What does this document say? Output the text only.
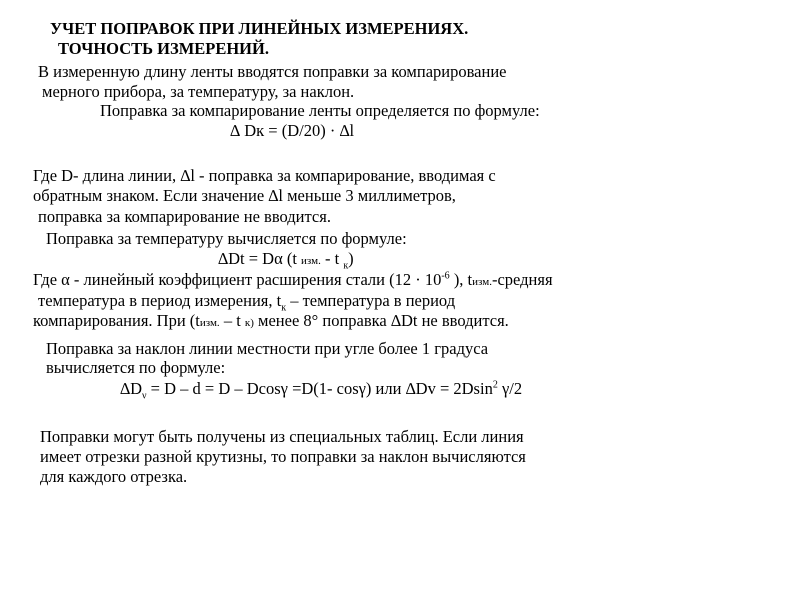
УЧЕТ ПОПРАВОК ПРИ ЛИНЕЙНЫХ ИЗМЕРЕНИЯХ.
ТОЧНОСТЬ ИЗМЕРЕНИЙ.
В измеренную длину ленты вводятся поправки за компарирование
мерного прибора, за температуру, за наклон.
Поправка за компарирование ленты определяется по формуле:
∆ Dк = (D/20) · ∆l
Где D- длина линии, ∆l - поправка за компарирование, вводимая с
обратным знаком. Если значение ∆l меньше 3 миллиметров,
поправка за компарирование не вводится.
Поправка за температуру вычисляется по формуле:
∆Dt = Dα (t изм. - t $_к$)
Где α - линейный коэффициент расширения стали ($12 \cdot 10^{-6}$ ), tизм.-средняя
температура в период измерения, $t_к$ – температура в период
компарирования. При (tизм. – t к) менее 8° поправка ∆Dt не вводится.
Поправка за наклон линии местности при угле более 1 градуса
вычисляется по формуле:
$\Delta D_\nu = D - d = D - Dcos\gamma =D(1-$ cosγ) или ∆Dv = 2Dsin$^2$ γ/2
Поправки могут быть получены из специальных таблиц. Если линия
имеет отрезки разной крутизны, то поправки за наклон вычисляются
для каждого отрезка.
